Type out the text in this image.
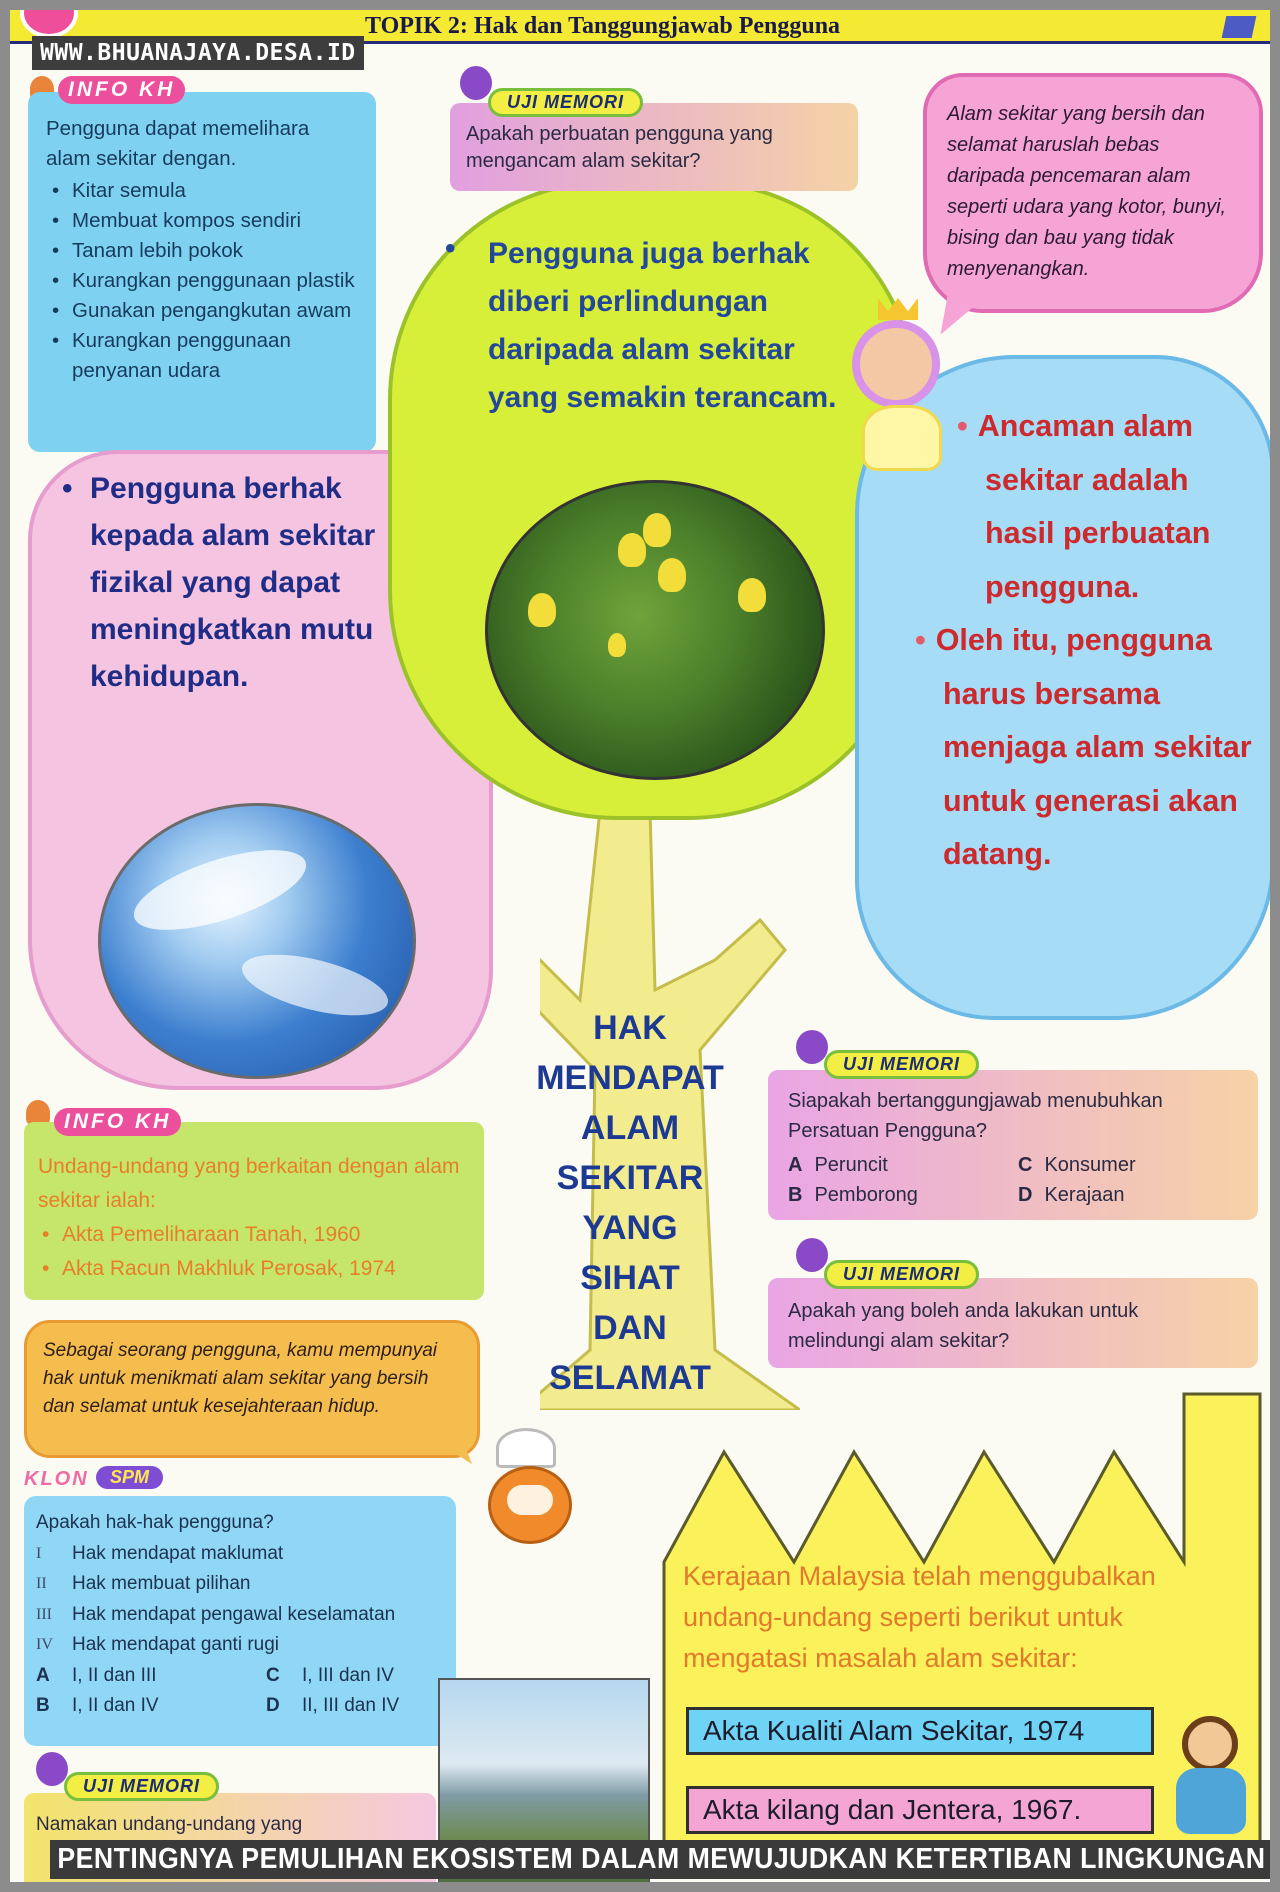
TOPIK 2: Hak dan Tanggungjawab Pengguna
WWW.BHUANAJAYA.DESA.ID
INFO KH
Pengguna dapat memelihara alam sekitar dengan.
• Kitar semula
• Membuat kompos sendiri
• Tanam lebih pokok
• Kurangkan penggunaan plastik
• Gunakan pengangkutan awam
• Kurangkan penggunaan penyanan udara
• Pengguna berhak kepada alam sekitar fizikal yang dapat meningkatkan mutu kehidupan.
HAK
MENDAPAT
ALAM
SEKITAR
YANG
SIHAT
DAN
SELAMAT
•	Pengguna juga berhak diberi perlindungan daripada alam sekitar yang semakin terancam.
UJI MEMORI
Apakah perbuatan pengguna yang mengancam alam sekitar?
• Ancaman alam sekitar adalah hasil perbuatan pengguna.
• Oleh itu, pengguna harus bersama menjaga alam sekitar untuk generasi akan datang.
Alam sekitar yang bersih dan selamat haruslah bebas daripada pencemaran alam seperti udara yang kotor, bunyi, bising dan bau yang tidak menyenangkan.
UJI MEMORI
Siapakah bertanggungjawab menubuhkan Persatuan Pengguna?
A Peruncit	C Konsumer
B Pemborong	D Kerajaan
UJI MEMORI
Apakah yang boleh anda lakukan untuk melindungi alam sekitar?
INFO KH
Undang-undang yang berkaitan dengan alam sekitar ialah:
• Akta Pemeliharaan Tanah, 1960
• Akta Racun Makhluk Perosak, 1974
Sebagai seorang pengguna, kamu mempunyai hak untuk menikmati alam sekitar yang bersih dan selamat untuk kesejahteraan hidup.
KLON	SPM
Apakah hak-hak pengguna?
I	Hak mendapat maklumat
II	Hak membuat pilihan
III	Hak mendapat pengawal keselamatan
IV	Hak mendapat ganti rugi
A I, II dan III	C I, III dan IV
B I, II dan IV	D II, III dan IV
UJI MEMORI
Namakan undang-undang yang
Kerajaan Malaysia telah menggubalkan undang-undang seperti berikut untuk mengatasi masalah alam sekitar:
Akta Kualiti Alam Sekitar, 1974
Akta kilang dan Jentera, 1967.
PENTINGNYA PEMULIHAN EKOSISTEM DALAM MEWUJUDKAN KETERTIBAN LINGKUNGAN
